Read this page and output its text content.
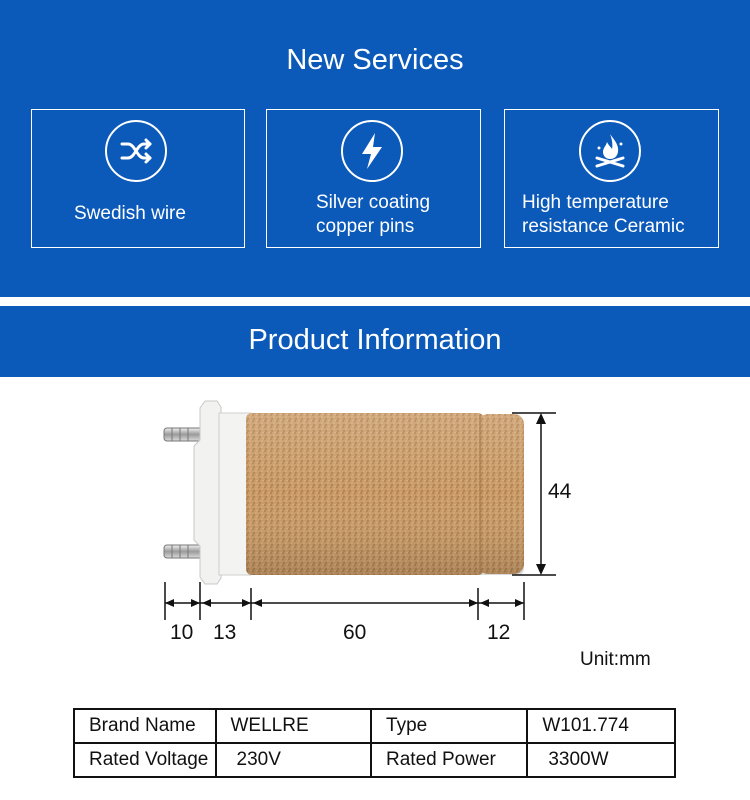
New Services
Swedish wire
Silver coating
copper pins
High temperature
resistance Ceramic
Product Information
44
10 13	60	12
Unit:mm
Brand Name	WELLRE	Type	W101.774
Rated Voltage	230V	Rated Power	3300W
